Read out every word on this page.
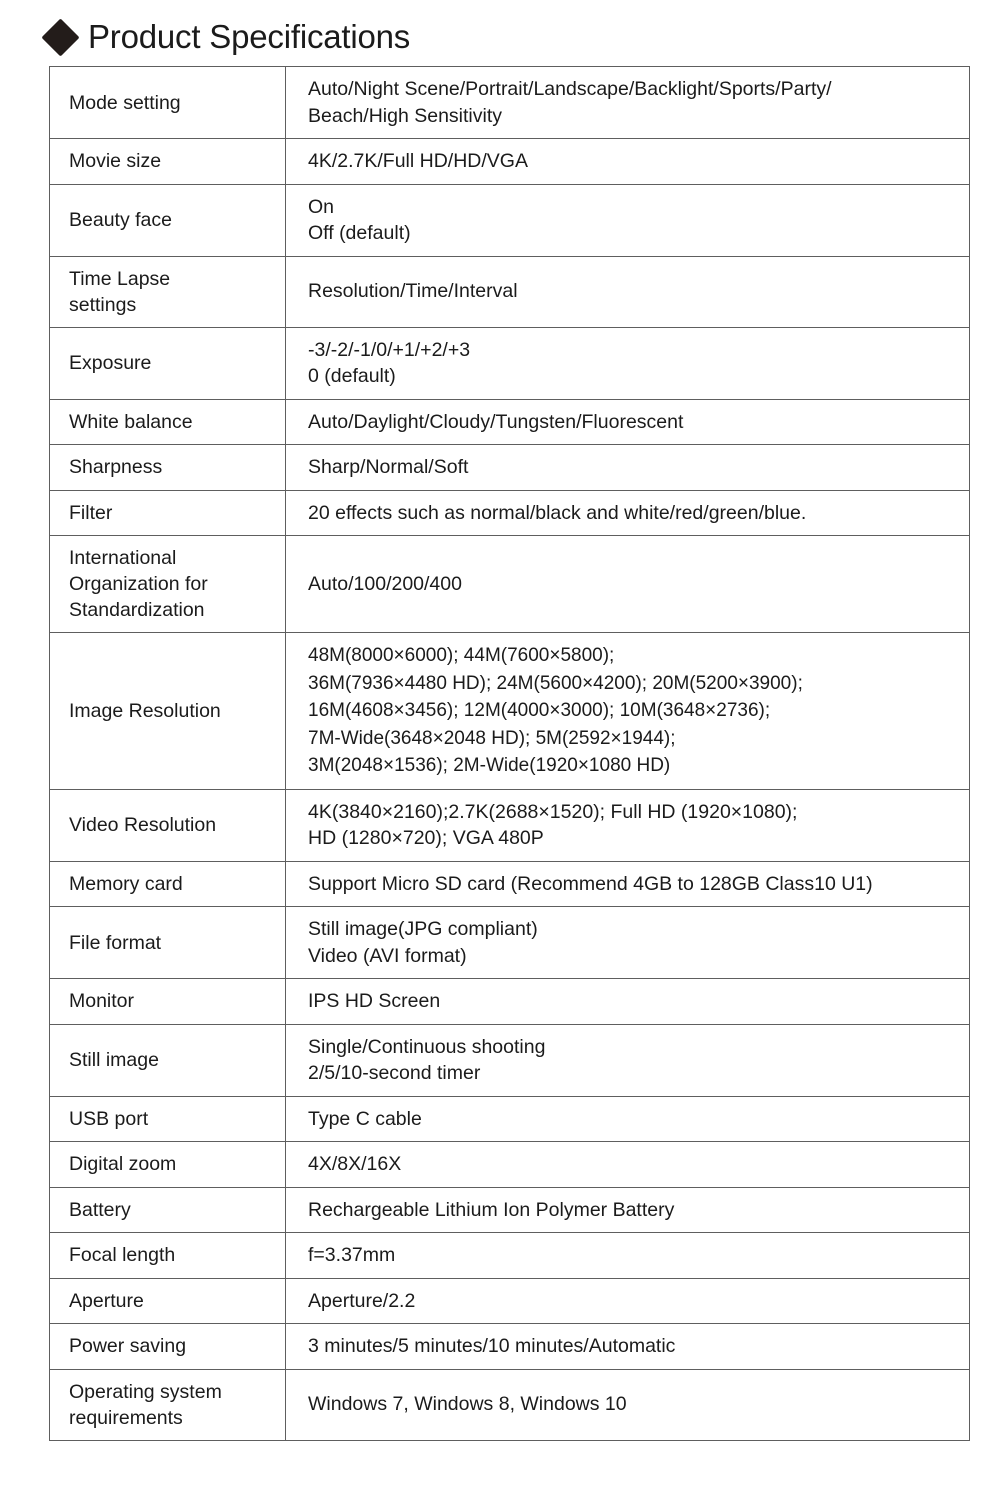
Product Specifications
Mode setting	Auto/Night Scene/Portrait/Landscape/Backlight/Sports/Party/
Beach/High Sensitivity

Movie size	4K/2.7K/Full HD/HD/VGA

Beauty face	On
Off (default)

Time Lapse
settings	Resolution/Time/Interval

Exposure	-3/-2/-1/0/+1/+2/+3
0 (default)

White balance	Auto/Daylight/Cloudy/Tungsten/Fluorescent

Sharpness	Sharp/Normal/Soft

Filter	20 effects such as normal/black and white/red/green/blue.

International
Organization for
Standardization	Auto/100/200/400

Image Resolution	48M(8000×6000); 44M(7600×5800);
36M(7936×4480 HD); 24M(5600×4200); 20M(5200×3900);
16M(4608×3456); 12M(4000×3000); 10M(3648×2736);
7M-Wide(3648×2048 HD); 5M(2592×1944);
3M(2048×1536); 2M-Wide(1920×1080 HD)

Video Resolution	4K(3840×2160);2.7K(2688×1520); Full HD (1920×1080);
HD (1280×720); VGA 480P

Memory card	Support Micro SD card (Recommend 4GB to 128GB Class10 U1)

File format	Still image(JPG compliant)
Video (AVI format)

Monitor	IPS HD Screen

Still image	Single/Continuous shooting
2/5/10-second timer

USB port	Type C cable

Digital zoom	4X/8X/16X

Battery	Rechargeable Lithium Ion Polymer Battery

Focal length	f=3.37mm

Aperture	Aperture/2.2

Power saving	3 minutes/5 minutes/10 minutes/Automatic

Operating system
requirements	Windows 7, Windows 8, Windows 10
